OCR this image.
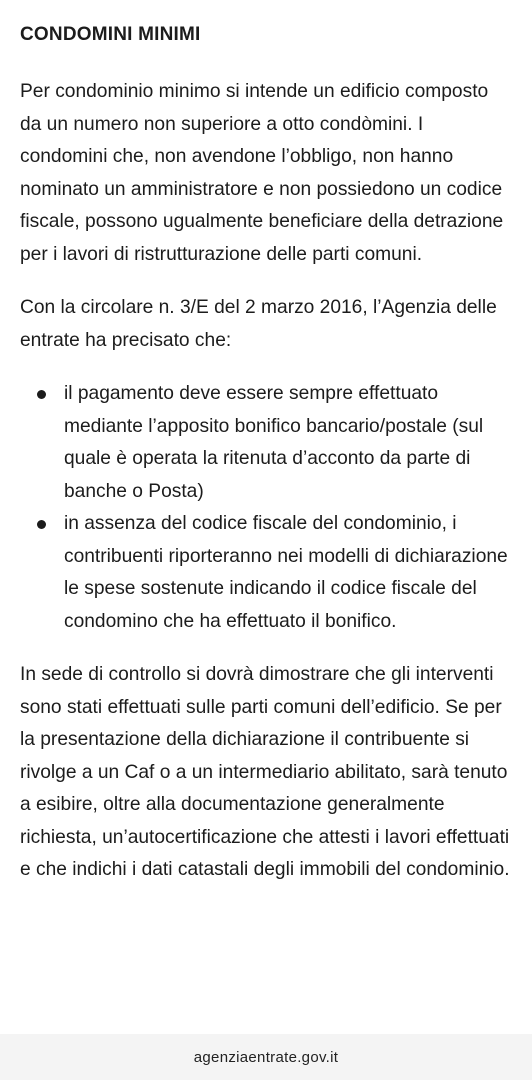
CONDOMINI MINIMI

Per condominio minimo si intende un edificio composto da un numero non superiore a otto condòmini. I condomini che, non avendone l’obbligo, non hanno nominato un amministratore e non possiedono un codice fiscale, possono ugualmente beneficiare della detrazione per i lavori di ristrutturazione delle parti comuni.

Con la circolare n. 3/E del 2 marzo 2016, l’Agenzia delle entrate ha precisato che:

il pagamento deve essere sempre effettuato mediante l’apposito bonifico bancario/postale (sul quale è operata la ritenuta d’acconto da parte di banche o Posta)
in assenza del codice fiscale del condominio, i contribuenti riporteranno nei modelli di dichiarazione le spese sostenute indicando il codice fiscale del condomino che ha effettuato il bonifico.

In sede di controllo si dovrà dimostrare che gli interventi sono stati effettuati sulle parti comuni dell’edificio. Se per la presentazione della dichiarazione il contribuente si rivolge a un Caf o a un intermediario abilitato, sarà tenuto a esibire, oltre alla documentazione generalmente richiesta, un’autocertificazione che attesti i lavori effettuati e che indichi i dati catastali degli immobili del condominio.

agenziaentrate.gov.it
